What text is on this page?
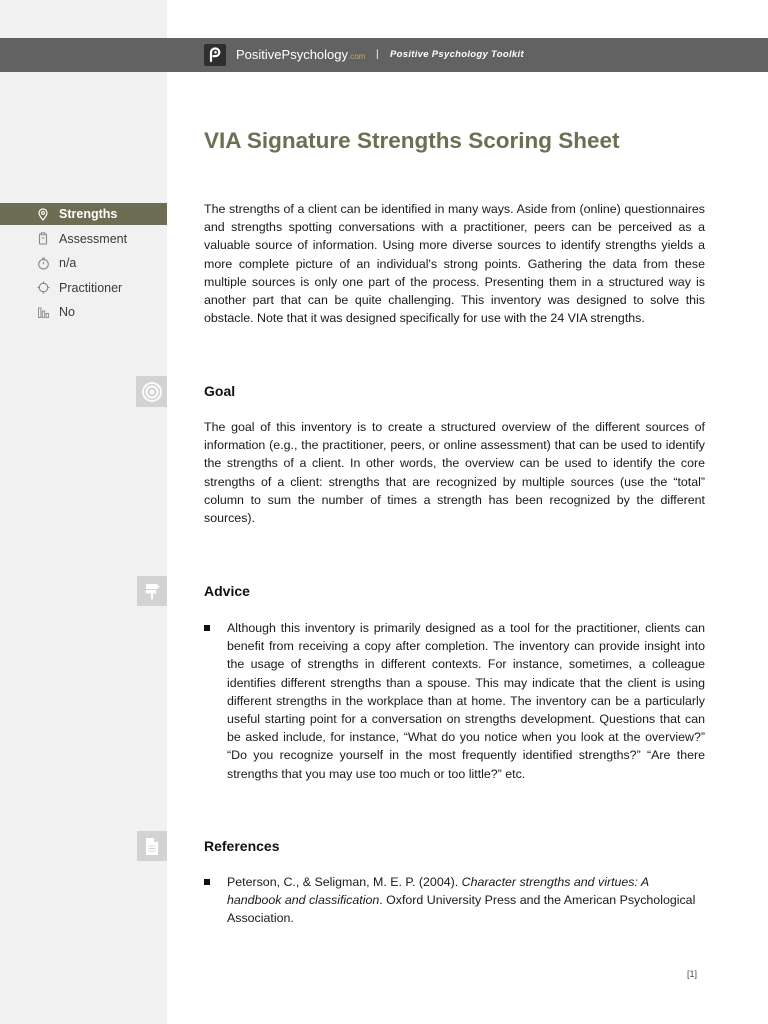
PositivePsychology.com | Positive Psychology Toolkit
VIA Signature Strengths Scoring Sheet
Strengths
Assessment
n/a
Practitioner
No

The strengths of a client can be identified in many ways. Aside from (online) questionnaires and strengths spotting conversations with a practitioner, peers can be perceived as a valuable source of information. Using more diverse sources to identify strengths yields a more complete picture of an individual's strong points. Gathering the data from these multiple sources is only one part of the process. Presenting them in a structured way is another part that can be quite challenging. This inventory was designed to solve this obstacle. Note that it was designed specifically for use with the 24 VIA strengths.

Goal

The goal of this inventory is to create a structured overview of the different sources of information (e.g., the practitioner, peers, or online assessment) that can be used to identify the strengths of a client. In other words, the overview can be used to identify the core strengths of a client: strengths that are recognized by multiple sources (use the “total” column to sum the number of times a strength has been recognized by the different sources).

Advice
Although this inventory is primarily designed as a tool for the practitioner, clients can benefit from receiving a copy after completion. The inventory can provide insight into the usage of strengths in different contexts. For instance, sometimes, a colleague identifies different strengths than a spouse. This may indicate that the client is using different strengths in the workplace than at home. The inventory can be a particularly useful starting point for a conversation on strengths development. Questions that can be asked include, for instance, “What do you notice when you look at the overview?” “Do you recognize yourself in the most frequently identified strengths?” “Are there strengths that you may use too much or too little?” etc.
References
Peterson, C., & Seligman, M. E. P. (2004). Character strengths and virtues: A handbook and classification. Oxford University Press and the American Psychological Association.
[1]
